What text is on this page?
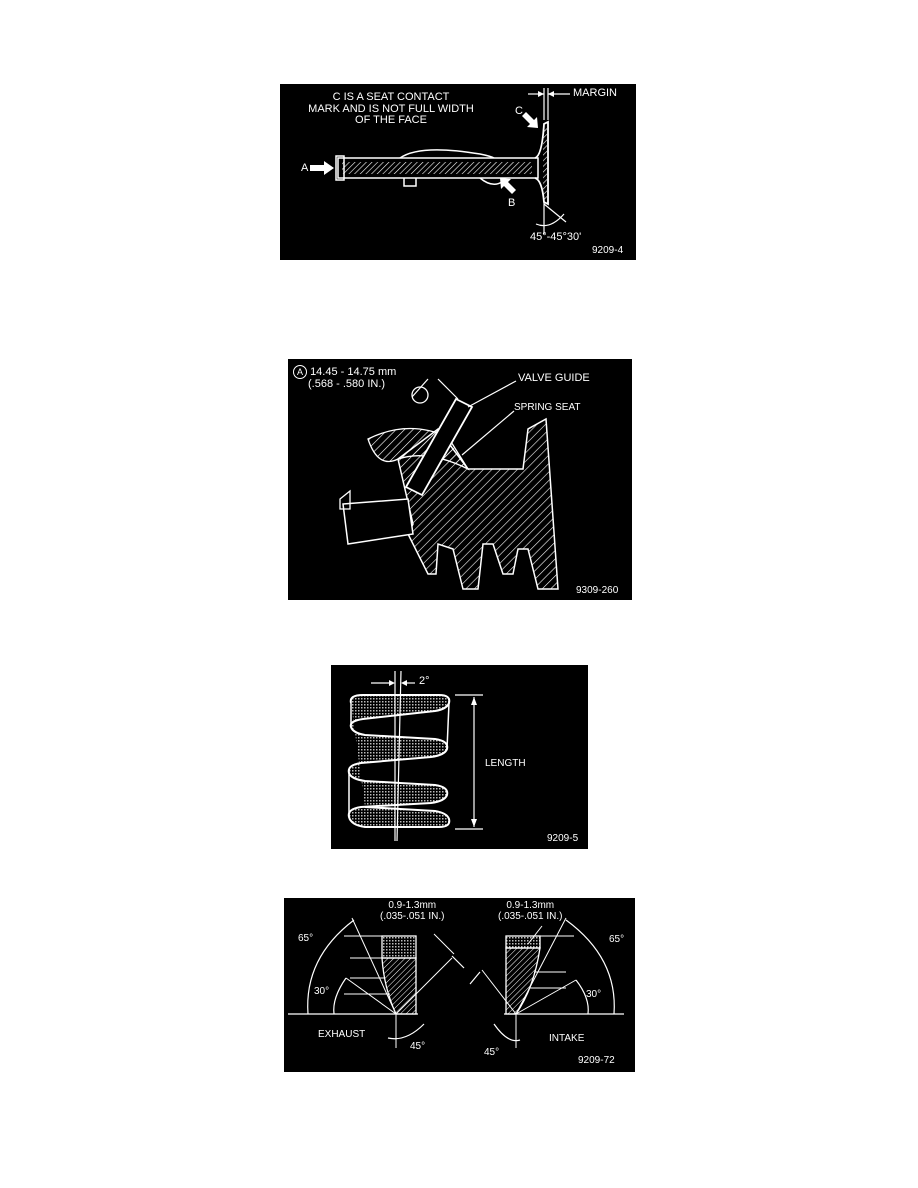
C IS A SEAT CONTACT
MARK AND IS NOT FULL WIDTH
OF THE FACE
MARGIN
A
B
C
45°-45°30'
9209-4
A 14.45 - 14.75 mm
(.568 - .580 IN.)	VALVE GUIDE
SPRING SEAT
9309-260
2°
LENGTH
9209-5
0.9-1.3mm
(.035-.051 IN.)
0.9-1.3mm
(.035-.051 IN.)
65°
30°
45°
65°
30°
45°
EXHAUST	INTAKE
9209-72
